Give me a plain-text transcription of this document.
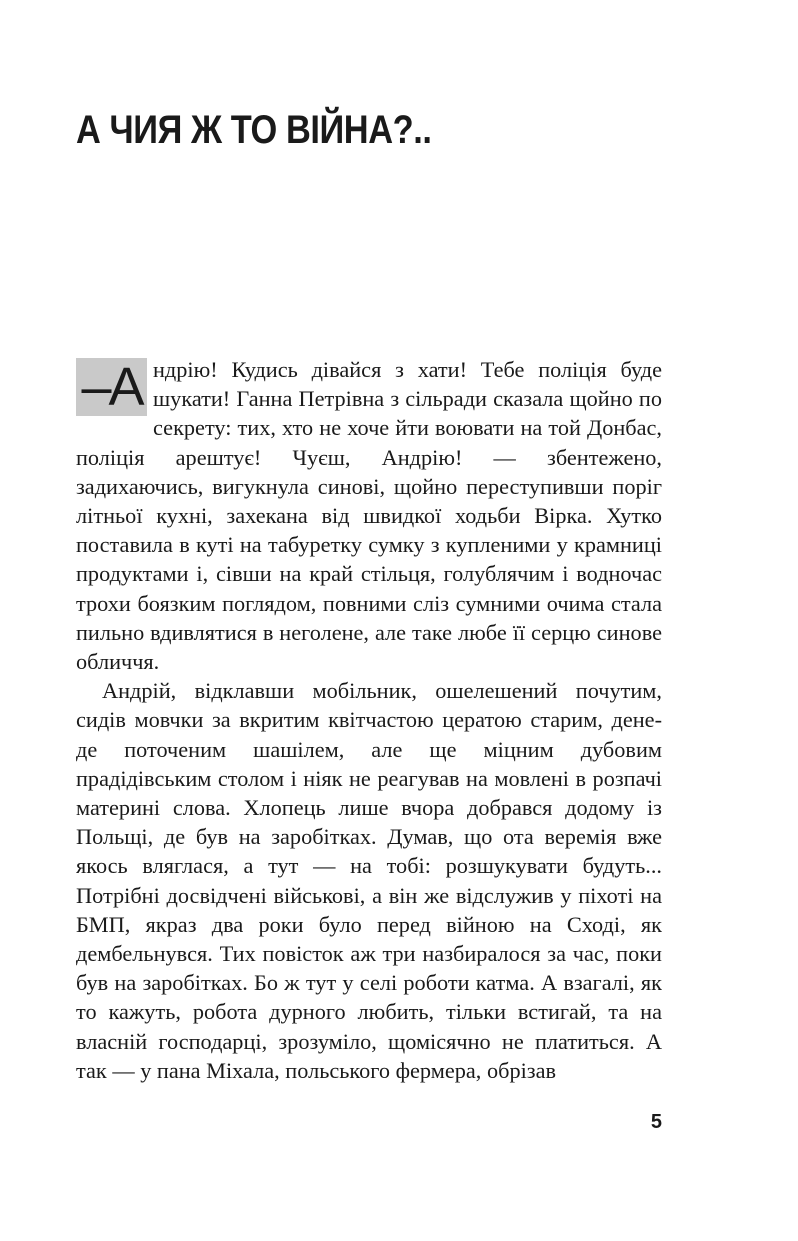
А ЧИЯ Ж ТО ВІЙНА?..

–А ндрію! Кудись дівайся з хати! Тебе поліція буде шукати! Ганна Петрівна з сільради сказала щойно по секрету: тих, хто не хоче йти воювати на той Донбас, поліція арештує! Чуєш, Андрію! — збентежено, задихаючись, вигукнула синові, щойно переступивши поріг літньої кухні, захекана від швидкої ходьби Вірка. Хутко поставила в куті на табуретку сумку з купленими у крамниці продуктами і, сівши на край стільця, голублячим і водночас трохи боязким поглядом, повними сліз сумними очима стала пильно вдивлятися в неголене, але таке любе її серцю синове обличчя.

Андрій, відклавши мобільник, ошелешений почутим, сидів мовчки за вкритим квітчастою цератою старим, дене-де поточеним шашілем, але ще міцним дубовим прадідівським столом і ніяк не реагував на мовлені в розпачі материні слова. Хлопець лише вчора добрався додому із Польщі, де був на заробітках. Думав, що ота веремія вже якось вляглася, а тут — на тобі: розшукувати будуть... Потрібні досвідчені військові, а він же відслужив у піхоті на БМП, якраз два роки було перед війною на Сході, як дембельнувся. Тих повісток аж три назбиралося за час, поки був на заробітках. Бо ж тут у селі роботи катма. А взагалі, як то кажуть, робота дурного любить, тільки встигай, та на власній господарці, зрозуміло, щомісячно не платиться. А так — у пана Міхала, польського фермера, обрізав

5
